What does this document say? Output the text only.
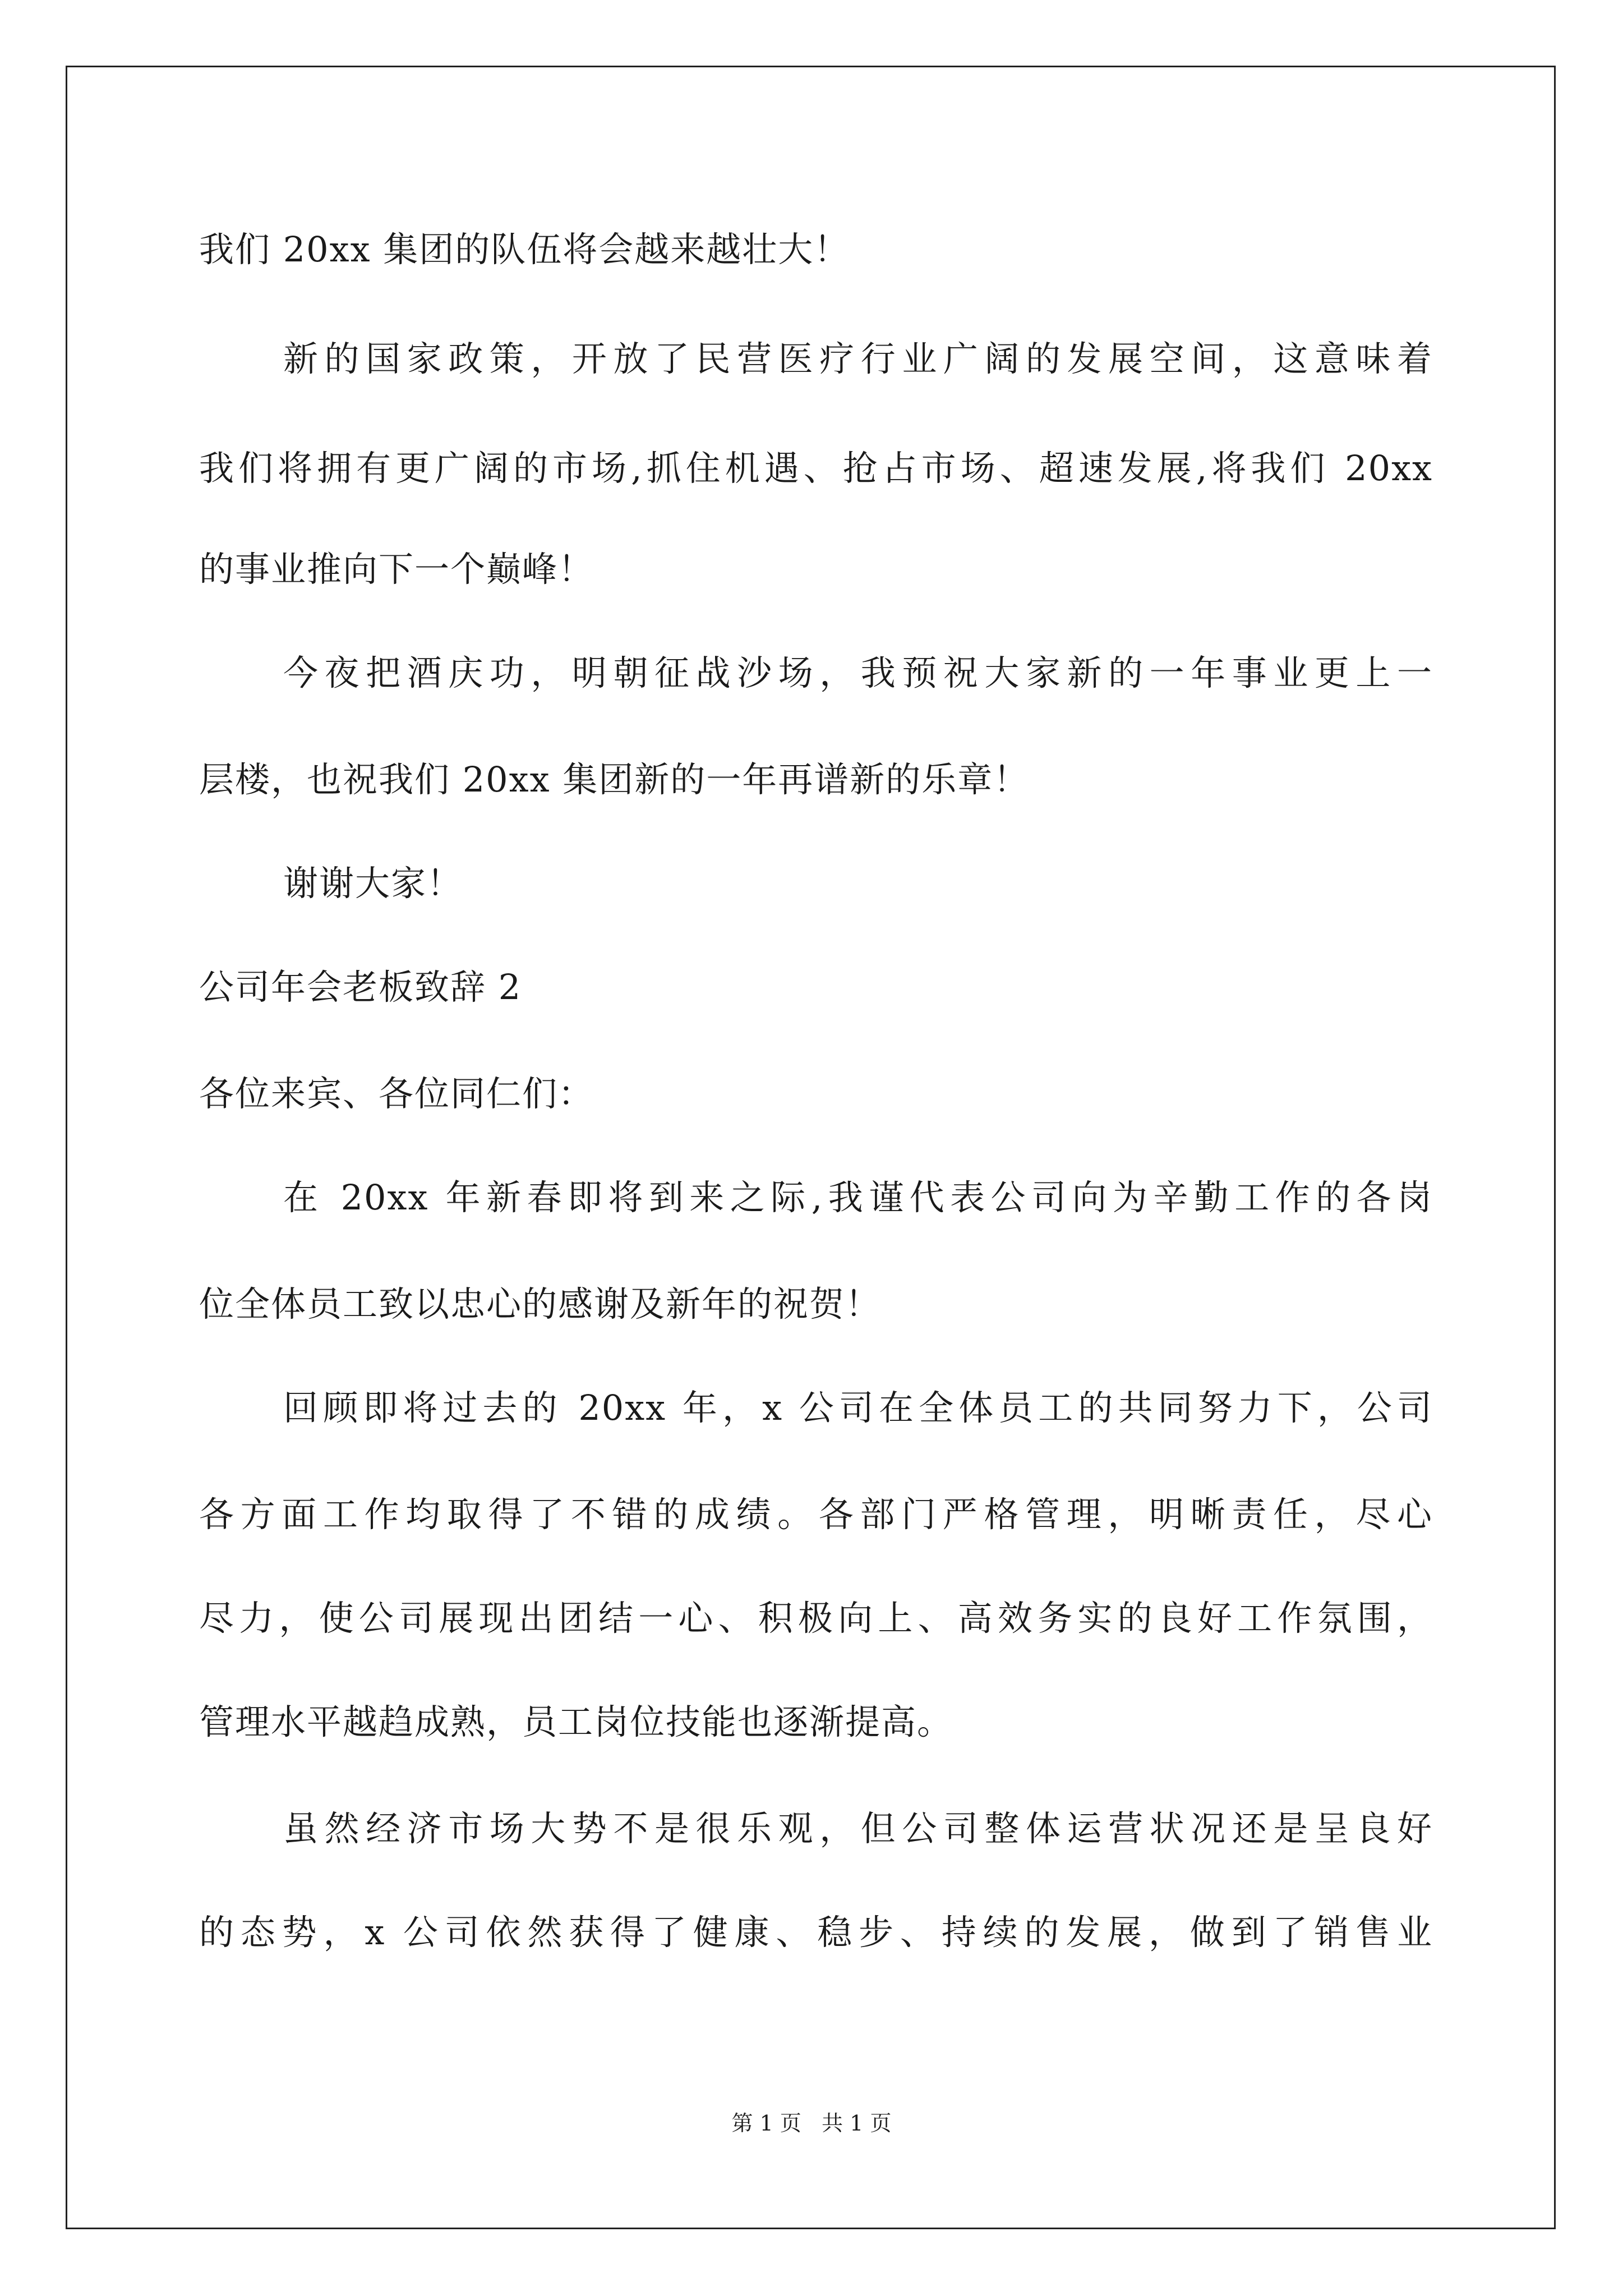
我们 20xx 集团的队伍将会越来越壮大！

新的国家政策，开放了民营医疗行业广阔的发展空间，这意味着

我们将拥有更广阔的市场,抓住机遇、抢占市场、超速发展,将我们 20xx

的事业推向下一个巅峰！

今夜把酒庆功，明朝征战沙场，我预祝大家新的一年事业更上一

层楼，也祝我们 20xx 集团新的一年再谱新的乐章！

谢谢大家！

公司年会老板致辞 2

各位来宾、各位同仁们：

在 20xx 年新春即将到来之际,我谨代表公司向为辛勤工作的各岗

位全体员工致以忠心的感谢及新年的祝贺！

回顾即将过去的 20xx 年，x 公司在全体员工的共同努力下，公司

各方面工作均取得了不错的成绩。各部门严格管理，明晰责任，尽心

尽力，使公司展现出团结一心、积极向上、高效务实的良好工作氛围，

管理水平越趋成熟，员工岗位技能也逐渐提高。

虽然经济市场大势不是很乐观，但公司整体运营状况还是呈良好

的态势，x 公司依然获得了健康、稳步、持续的发展，做到了销售业

第 1 页   共 1 页
